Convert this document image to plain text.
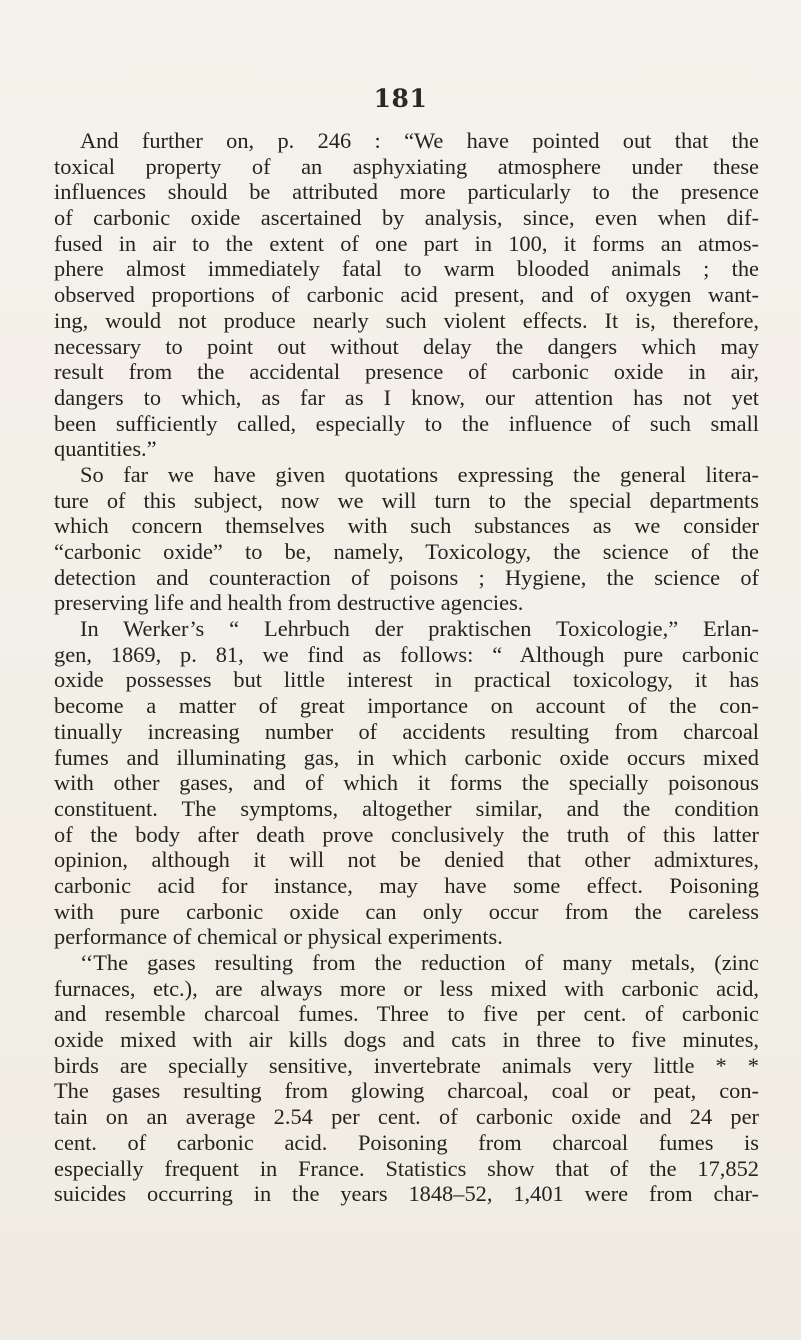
181
And further on, p. 246 : “We have pointed out that the
toxical property of an asphyxiating atmosphere under these
influences should be attributed more particularly to the presence
of carbonic oxide ascertained by analysis, since, even when dif-
fused in air to the extent of one part in 100, it forms an atmos-
phere almost immediately fatal to warm blooded animals ; the
observed proportions of carbonic acid present, and of oxygen want-
ing, would not produce nearly such violent effects. It is, therefore,
necessary to point out without delay the dangers which may
result from the accidental presence of carbonic oxide in air,
dangers to which, as far as I know, our attention has not yet
been sufficiently called, especially to the influence of such small
quantities.”
So far we have given quotations expressing the general litera-
ture of this subject, now we will turn to the special departments
which concern themselves with such substances as we consider
“carbonic oxide” to be, namely, Toxicology, the science of the
detection and counteraction of poisons ; Hygiene, the science of
preserving life and health from destructive agencies.
In Werker’s “ Lehrbuch der praktischen Toxicologie,” Erlan-
gen, 1869, p. 81, we find as follows: “ Although pure carbonic
oxide possesses but little interest in practical toxicology, it has
become a matter of great importance on account of the con-
tinually increasing number of accidents resulting from charcoal
fumes and illuminating gas, in which carbonic oxide occurs mixed
with other gases, and of which it forms the specially poisonous
constituent. The symptoms, altogether similar, and the condition
of the body after death prove conclusively the truth of this latter
opinion, although it will not be denied that other admixtures,
carbonic acid for instance, may have some effect. Poisoning
with pure carbonic oxide can only occur from the careless
performance of chemical or physical experiments.
‘‘The gases resulting from the reduction of many metals, (zinc
furnaces, etc.), are always more or less mixed with carbonic acid,
and resemble charcoal fumes. Three to five per cent. of carbonic
oxide mixed with air kills dogs and cats in three to five minutes,
birds are specially sensitive, invertebrate animals very little * *
The gases resulting from glowing charcoal, coal or peat, con-
tain on an average 2.54 per cent. of carbonic oxide and 24 per
cent. of carbonic acid. Poisoning from charcoal fumes is
especially frequent in France. Statistics show that of the 17,852
suicides occurring in the years 1848–52, 1,401 were from char-
